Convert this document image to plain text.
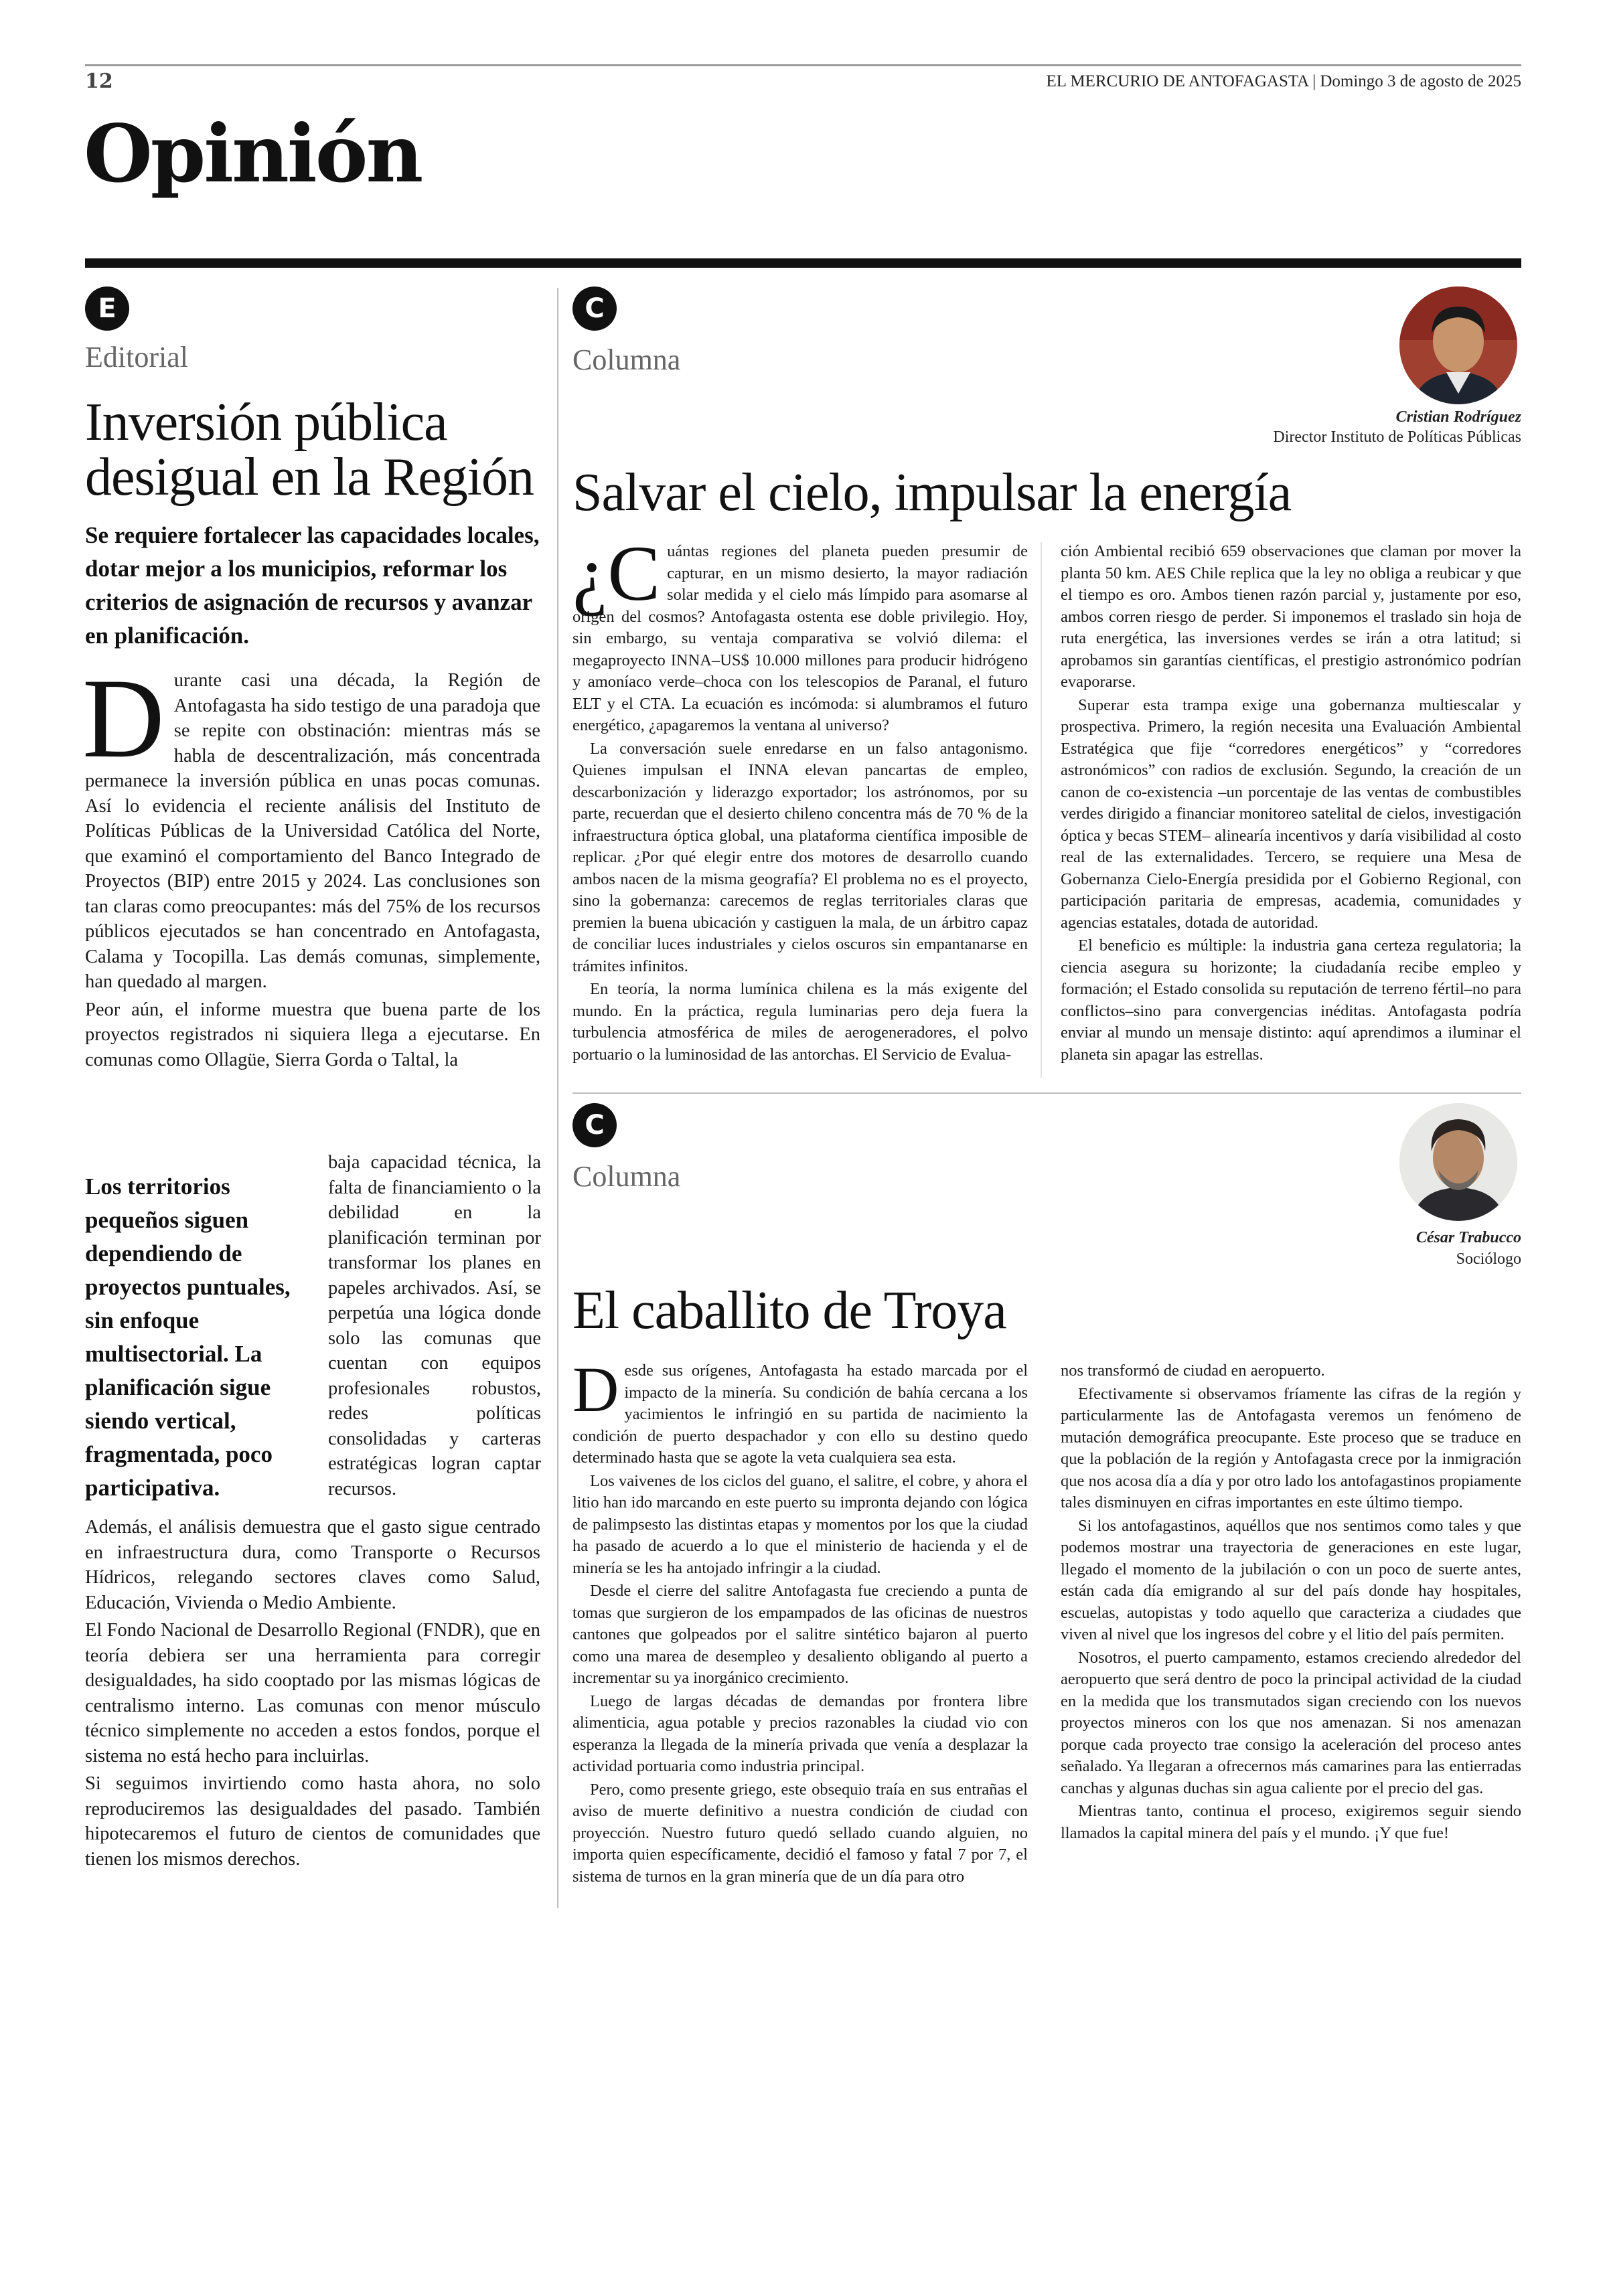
12	EL MERCURIO DE ANTOFAGASTA | Domingo 3 de agosto de 2025
Opinión
E
Editorial
Inversión pública
desigual en la Región
Se requiere fortalecer las capacidades locales, dotar mejor a los municipios, reformar los criterios de asignación de recursos y avanzar en planificación.

Durante casi una década, la Región de Antofagasta ha sido testigo de una paradoja que se repite con obstinación: mientras más se habla de descentralización, más concentrada permanece la inversión pública en unas pocas comunas. Así lo evidencia el reciente análisis del Instituto de Políticas Públicas de la Universidad Católica del Norte, que examinó el comportamiento del Banco Integrado de Proyectos (BIP) entre 2015 y 2024. Las conclusiones son tan claras como preocupantes: más del 75% de los recursos públicos ejecutados se han concentrado en Antofagasta, Calama y Tocopilla. Las demás comunas, simplemente, han quedado al margen.

Peor aún, el informe muestra que buena parte de los proyectos registrados ni siquiera llega a ejecutarse. En comunas como Ollagüe, Sierra Gorda o Taltal, la

Los territorios pequeños siguen dependiendo de proyectos puntuales, sin enfoque multisectorial. La planificación sigue siendo vertical, fragmentada, poco participativa.

baja capacidad técnica, la falta de financiamiento o la debilidad en la planificación terminan por transformar los planes en papeles archivados. Así, se perpetúa una lógica donde solo las comunas que cuentan con equipos profesionales robustos, redes políticas consolidadas y carteras estratégicas logran captar recursos.

Además, el análisis demuestra que el gasto sigue centrado en infraestructura dura, como Transporte o Recursos Hídricos, relegando sectores claves como Salud, Educación, Vivienda o Medio Ambiente.

El Fondo Nacional de Desarrollo Regional (FNDR), que en teoría debiera ser una herramienta para corregir desigualdades, ha sido cooptado por las mismas lógicas de centralismo interno. Las comunas con menor músculo técnico simplemente no acceden a estos fondos, porque el sistema no está hecho para incluirlas.

Si seguimos invirtiendo como hasta ahora, no solo reproduciremos las desigualdades del pasado. También hipotecaremos el futuro de cientos de comunidades que tienen los mismos derechos.

C
Columna
Cristian Rodríguez
Director Instituto de Políticas Públicas
Salvar el cielo, impulsar la energía

¿C uántas regiones del planeta pueden presumir de capturar, en un mismo desierto, la mayor radiación solar medida y el cielo más límpido para asomarse al origen del cosmos? Antofagasta ostenta ese doble privilegio. Hoy, sin embargo, su ventaja comparativa se volvió dilema: el megaproyecto INNA–US$ 10.000 millones para producir hidrógeno y amoníaco verde–choca con los telescopios de Paranal, el futuro ELT y el CTA. La ecuación es incómoda: si alumbramos el futuro energético, ¿apagaremos la ventana al universo?

La conversación suele enredarse en un falso antagonismo. Quienes impulsan el INNA elevan pancartas de empleo, descarbonización y liderazgo exportador; los astrónomos, por su parte, recuerdan que el desierto chileno concentra más de 70 % de la infraestructura óptica global, una plataforma científica imposible de replicar. ¿Por qué elegir entre dos motores de desarrollo cuando ambos nacen de la misma geografía? El problema no es el proyecto, sino la gobernanza: carecemos de reglas territoriales claras que premien la buena ubicación y castiguen la mala, de un árbitro capaz de conciliar luces industriales y cielos oscuros sin empantanarse en trámites infinitos.

En teoría, la norma lumínica chilena es la más exigente del mundo. En la práctica, regula luminarias pero deja fuera la turbulencia atmosférica de miles de aerogeneradores, el polvo portuario o la luminosidad de las antorchas. El Servicio de Evalua-

ción Ambiental recibió 659 observaciones que claman por mover la planta 50 km. AES Chile replica que la ley no obliga a reubicar y que el tiempo es oro. Ambos tienen razón parcial y, justamente por eso, ambos corren riesgo de perder. Si imponemos el traslado sin hoja de ruta energética, las inversiones verdes se irán a otra latitud; si aprobamos sin garantías científicas, el prestigio astronómico podrían evaporarse.

Superar esta trampa exige una gobernanza multiescalar y prospectiva. Primero, la región necesita una Evaluación Ambiental Estratégica que fije “corredores energéticos” y “corredores astronómicos” con radios de exclusión. Segundo, la creación de un canon de co-existencia –un porcentaje de las ventas de combustibles verdes dirigido a financiar monitoreo satelital de cielos, investigación óptica y becas STEM– alinearía incentivos y daría visibilidad al costo real de las externalidades. Tercero, se requiere una Mesa de Gobernanza Cielo-Energía presidida por el Gobierno Regional, con participación paritaria de empresas, academia, comunidades y agencias estatales, dotada de autoridad.

El beneficio es múltiple: la industria gana certeza regulatoria; la ciencia asegura su horizonte; la ciudadanía recibe empleo y formación; el Estado consolida su reputación de terreno fértil–no para conflictos–sino para convergencias inéditas. Antofagasta podría enviar al mundo un mensaje distinto: aquí aprendimos a iluminar el planeta sin apagar las estrellas.

C
Columna
César Trabucco
Sociólogo
El caballito de Troya

Desde sus orígenes, Antofagasta ha estado marcada por el impacto de la minería. Su condición de bahía cercana a los yacimientos le infringió en su partida de nacimiento la condición de puerto despachador y con ello su destino quedo determinado hasta que se agote la veta cualquiera sea esta.

Los vaivenes de los ciclos del guano, el salitre, el cobre, y ahora el litio han ido marcando en este puerto su impronta dejando con lógica de palimpsesto las distintas etapas y momentos por los que la ciudad ha pasado de acuerdo a lo que el ministerio de hacienda y el de minería se les ha antojado infringir a la ciudad.

Desde el cierre del salitre Antofagasta fue creciendo a punta de tomas que surgieron de los empampados de las oficinas de nuestros cantones que golpeados por el salitre sintético bajaron al puerto como una marea de desempleo y desaliento obligando al puerto a incrementar su ya inorgánico crecimiento.

Luego de largas décadas de demandas por frontera libre alimenticia, agua potable y precios razonables la ciudad vio con esperanza la llegada de la minería privada que venía a desplazar la actividad portuaria como industria principal.

Pero, como presente griego, este obsequio traía en sus entrañas el aviso de muerte definitivo a nuestra condición de ciudad con proyección. Nuestro futuro quedó sellado cuando alguien, no importa quien específicamente, decidió el famoso y fatal 7 por 7, el sistema de turnos en la gran minería que de un día para otro

nos transformó de ciudad en aeropuerto.

Efectivamente si observamos fríamente las cifras de la región y particularmente las de Antofagasta veremos un fenómeno de mutación demográfica preocupante. Este proceso que se traduce en que la población de la región y Antofagasta crece por la inmigración que nos acosa día a día y por otro lado los antofagastinos propiamente tales disminuyen en cifras importantes en este último tiempo.

Si los antofagastinos, aquéllos que nos sentimos como tales y que podemos mostrar una trayectoria de generaciones en este lugar, llegado el momento de la jubilación o con un poco de suerte antes, están cada día emigrando al sur del país donde hay hospitales, escuelas, autopistas y todo aquello que caracteriza a ciudades que viven al nivel que los ingresos del cobre y el litio del país permiten.

Nosotros, el puerto campamento, estamos creciendo alrededor del aeropuerto que será dentro de poco la principal actividad de la ciudad en la medida que los transmutados sigan creciendo con los nuevos proyectos mineros con los que nos amenazan. Si nos amenazan porque cada proyecto trae consigo la aceleración del proceso antes señalado. Ya llegaran a ofrecernos más camarines para las entierradas canchas y algunas duchas sin agua caliente por el precio del gas.

Mientras tanto, continua el proceso, exigiremos seguir siendo llamados la capital minera del país y el mundo. ¡Y que fue!
